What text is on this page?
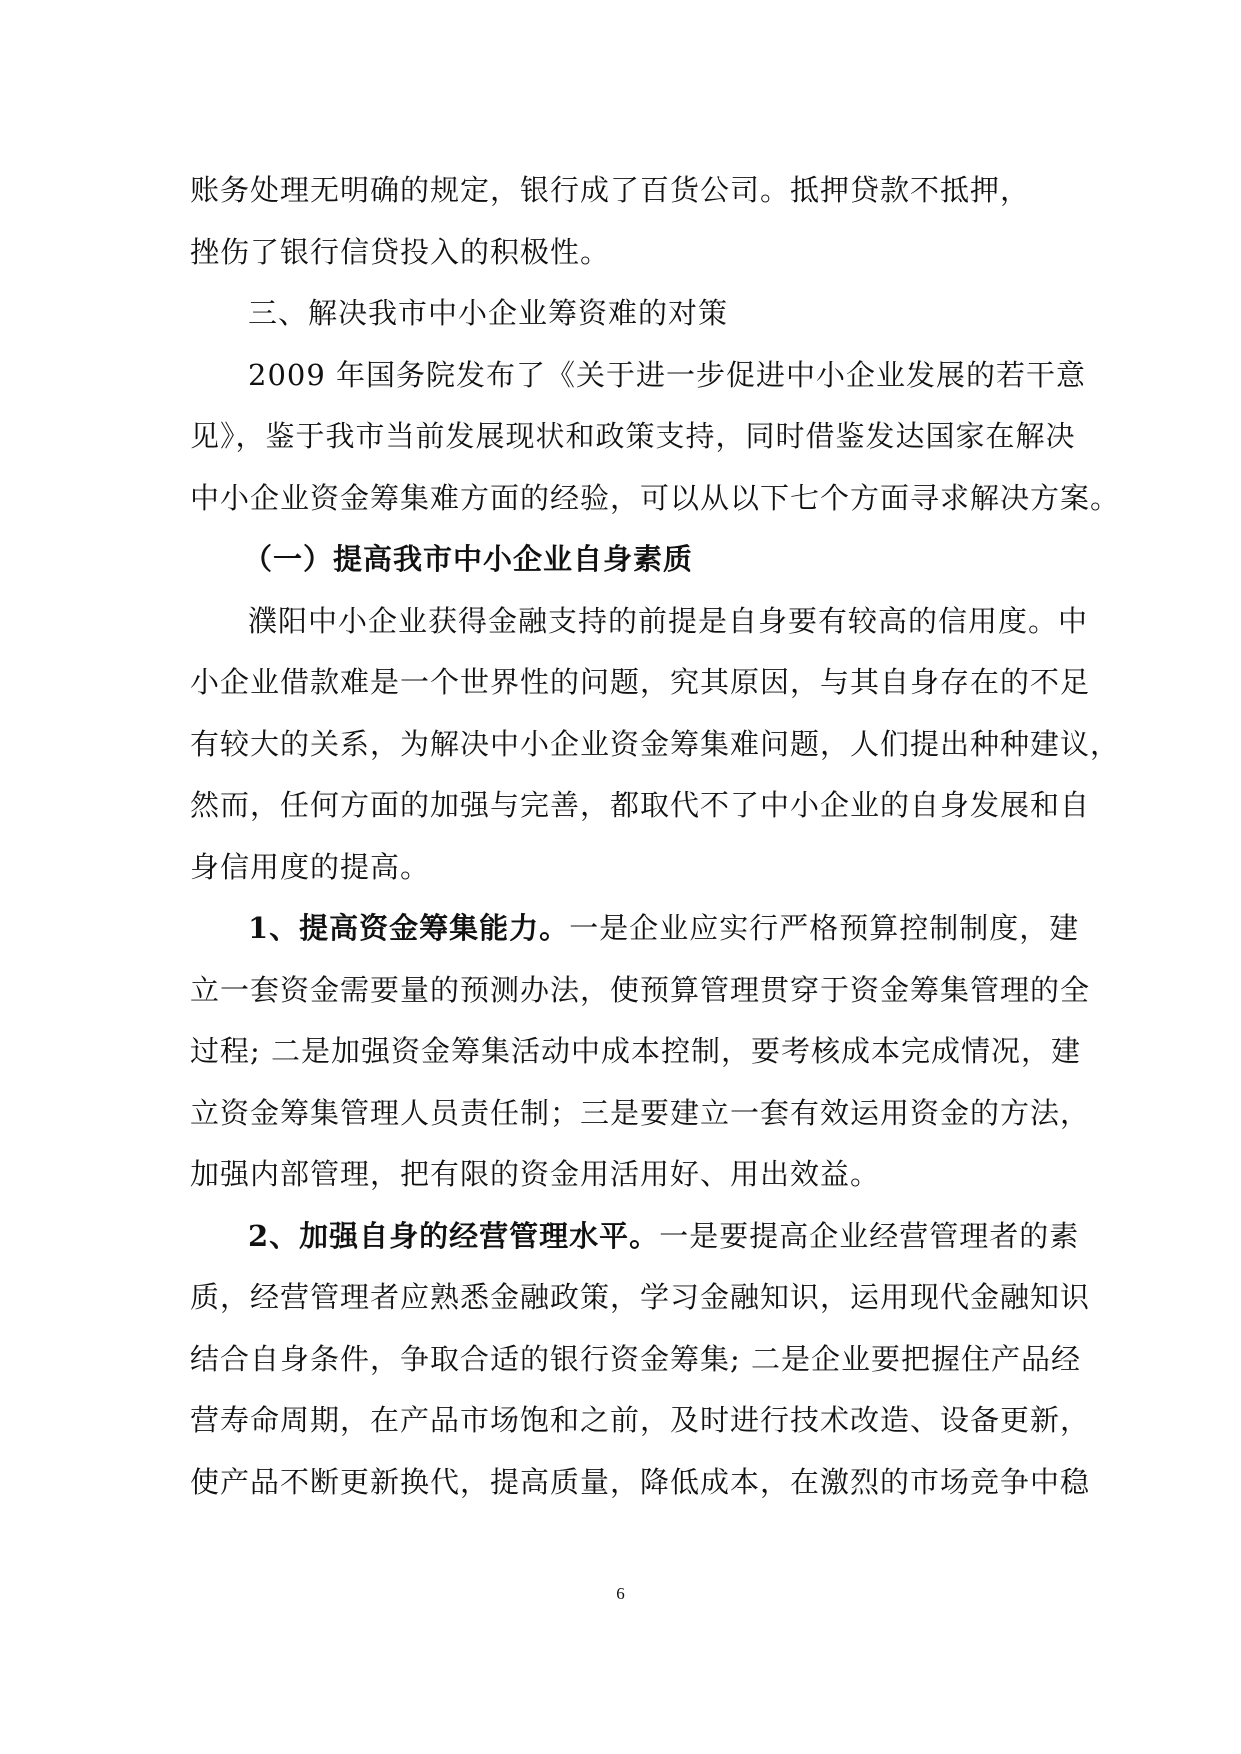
账务处理无明确的规定，银行成了百货公司。抵押贷款不抵押，
挫伤了银行信贷投入的积极性。
三、解决我市中小企业筹资难的对策
2009 年国务院发布了《关于进一步促进中小企业发展的若干意
见》，鉴于我市当前发展现状和政策支持，同时借鉴发达国家在解决
中小企业资金筹集难方面的经验，可以从以下七个方面寻求解决方案。
（一）提高我市中小企业自身素质
濮阳中小企业获得金融支持的前提是自身要有较高的信用度。中
小企业借款难是一个世界性的问题，究其原因，与其自身存在的不足
有较大的关系，为解决中小企业资金筹集难问题，人们提出种种建议，
然而，任何方面的加强与完善，都取代不了中小企业的自身发展和自
身信用度的提高。
1、提高资金筹集能力。一是企业应实行严格预算控制制度，建
立一套资金需要量的预测办法，使预算管理贯穿于资金筹集管理的全
过程; 二是加强资金筹集活动中成本控制，要考核成本完成情况，建
立资金筹集管理人员责任制；三是要建立一套有效运用资金的方法，
加强内部管理，把有限的资金用活用好、用出效益。
2、加强自身的经营管理水平。一是要提高企业经营管理者的素
质，经营管理者应熟悉金融政策，学习金融知识，运用现代金融知识
结合自身条件，争取合适的银行资金筹集; 二是企业要把握住产品经
营寿命周期，在产品市场饱和之前，及时进行技术改造、设备更新，
使产品不断更新换代，提高质量，降低成本，在激烈的市场竞争中稳
6
